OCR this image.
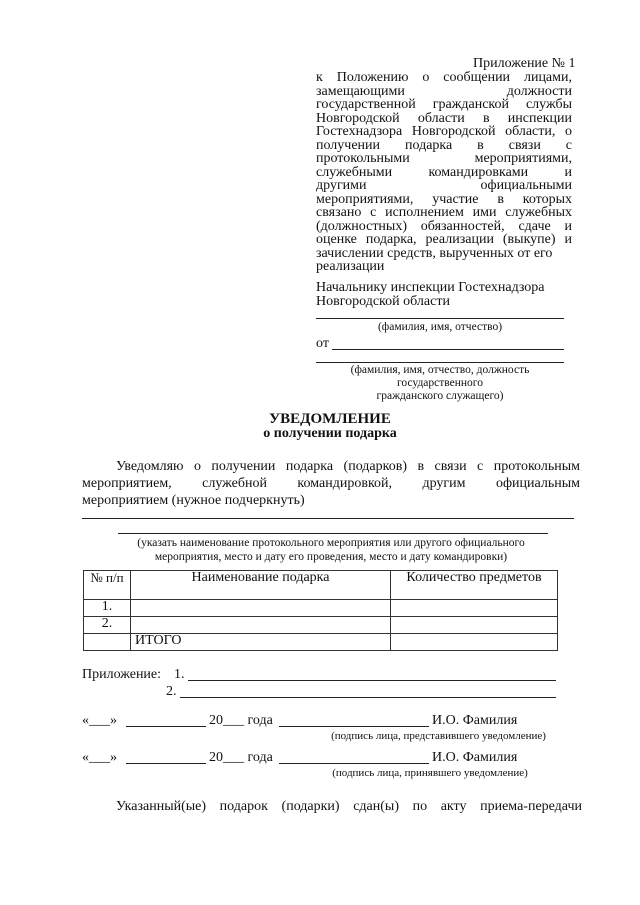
Приложение № 1
к Положению о сообщении лицами,
замещающими должности
государственной гражданской службы
Новгородской области в инспекции
Гостехнадзора Новгородской области, о
получении подарка в связи с
протокольными мероприятиями,
служебными командировками и
другими официальными
мероприятиями, участие в которых
связано с исполнением ими служебных
(должностных) обязанностей, сдаче и
оценке подарка, реализации (выкупе) и
зачислении средств, вырученных от его
реализации
Начальнику инспекции Гостехнадзора
Новгородской области
(фамилия, имя, отчество)
от
(фамилия, имя, отчество, должность
государственного
гражданского служащего)
УВЕДОМЛЕНИЕ
о получении подарка
Уведомляю о получении подарка (подарков) в связи с протокольным
мероприятием, служебной командировкой, другим официальным
мероприятием (нужное подчеркнуть)
(указать наименование протокольного мероприятия или другого официального
мероприятия, место и дату его проведения, место и дату командировки)
№ п/п	Наименование подарка	Количество предметов
1.		
2.		
	ИТОГО	
Приложение: 1.
2.
«___»	20___ года	И.О. Фамилия
(подпись лица, представившего уведомление)
«___»	20___ года	И.О. Фамилия
(подпись лица, принявшего уведомление)
Указанный(ые) подарок (подарки) сдан(ы) по акту приема-передачи
